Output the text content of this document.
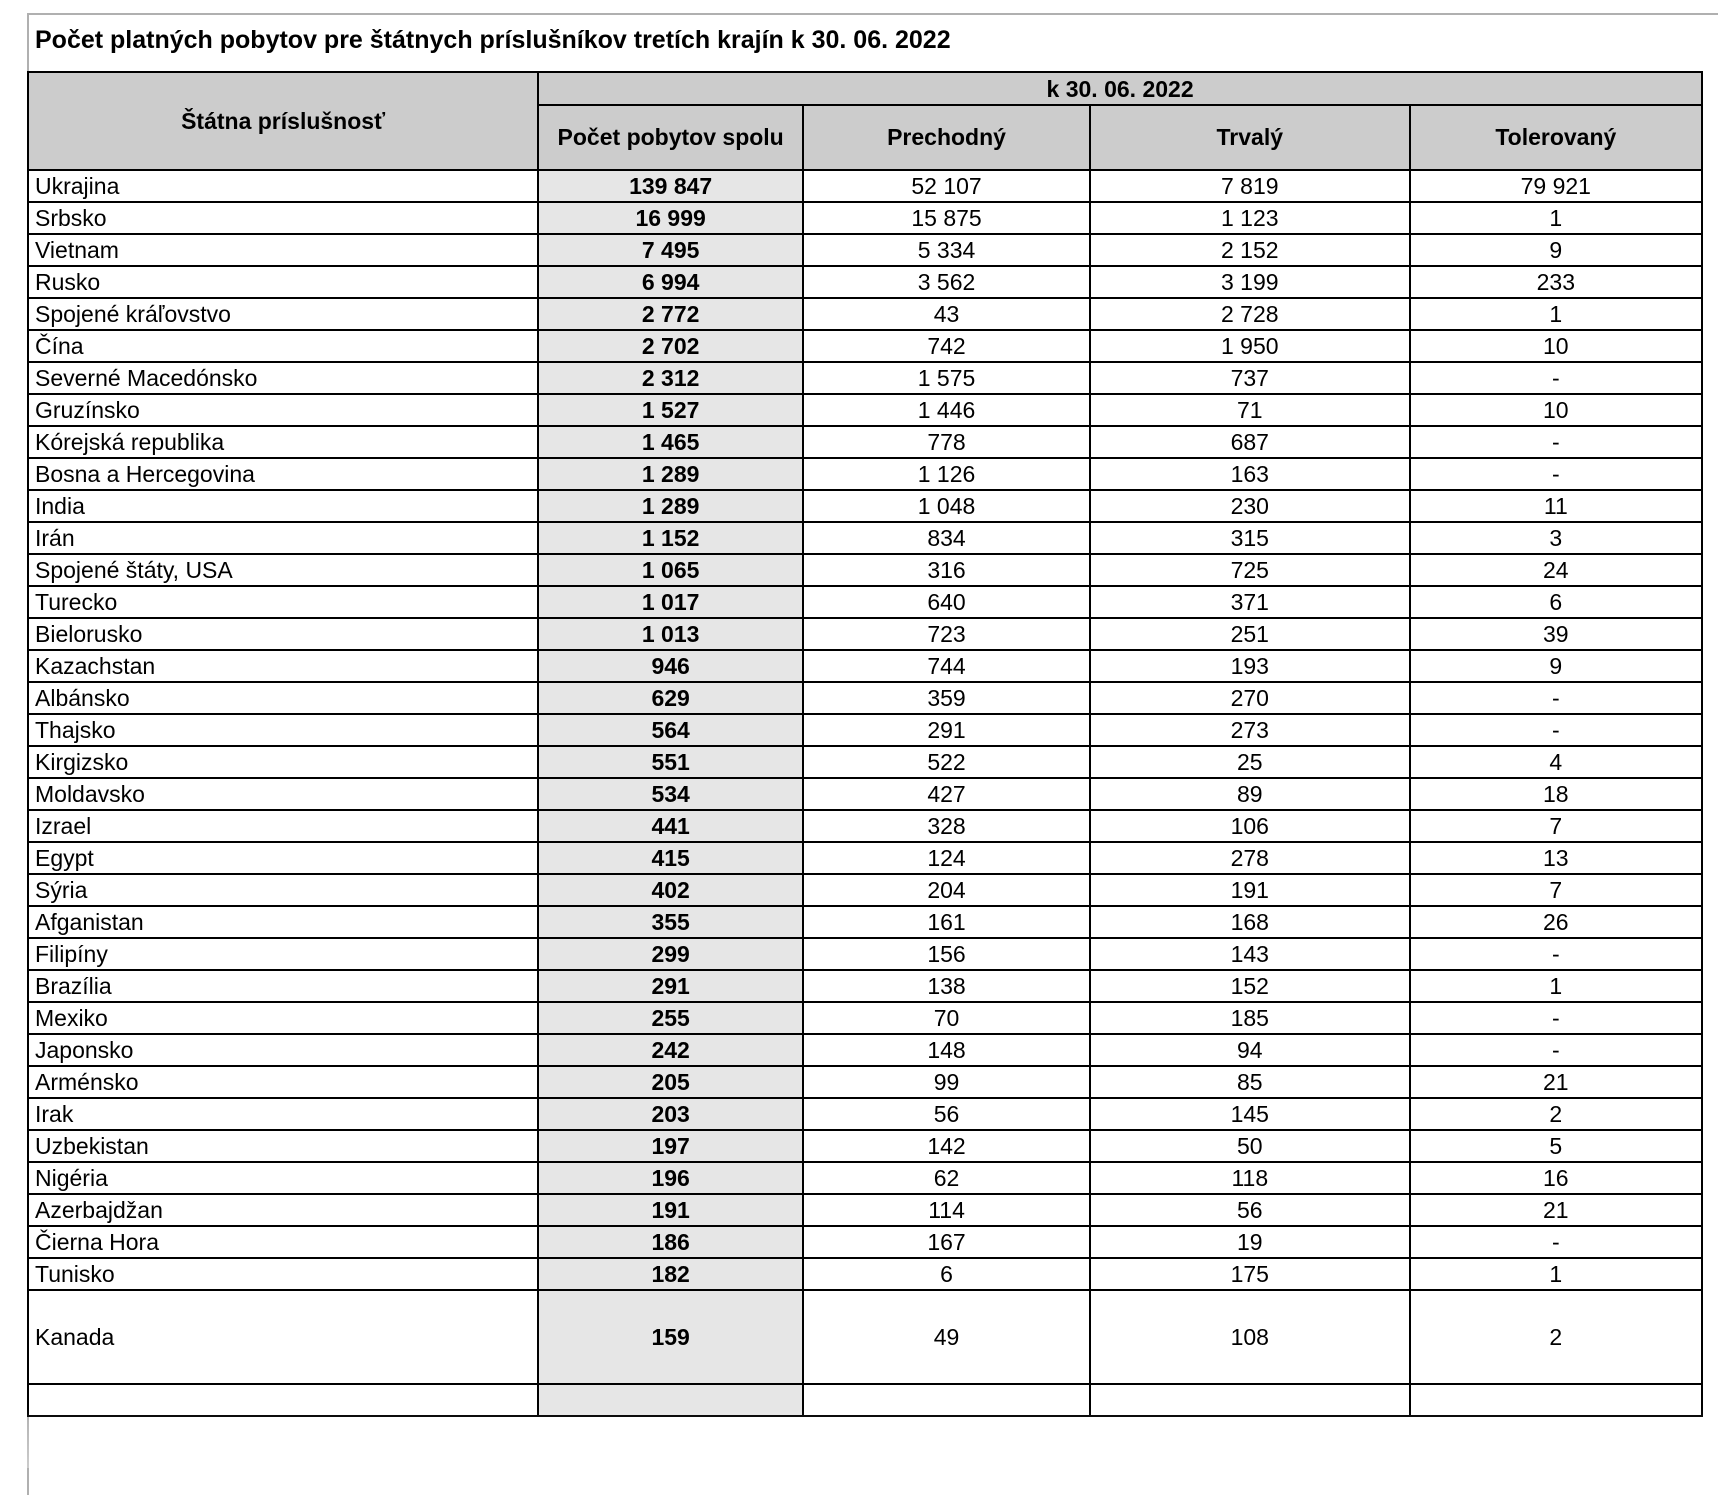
Počet platných pobytov pre štátnych príslušníkov tretích krajín k 30. 06. 2022
Štátna príslušnosť	k 30. 06. 2022			
	Počet pobytov spolu	Prechodný	Trvalý	Tolerovaný
Ukrajina	139 847	52 107	7 819	79 921
Srbsko	16 999	15 875	1 123	1
Vietnam	7 495	5 334	2 152	9
Rusko	6 994	3 562	3 199	233
Spojené kráľovstvo	2 772	43	2 728	1
Čína	2 702	742	1 950	10
Severné Macedónsko	2 312	1 575	737	-
Gruzínsko	1 527	1 446	71	10
Kórejská republika	1 465	778	687	-
Bosna a Hercegovina	1 289	1 126	163	-
India	1 289	1 048	230	11
Irán	1 152	834	315	3
Spojené štáty, USA	1 065	316	725	24
Turecko	1 017	640	371	6
Bielorusko	1 013	723	251	39
Kazachstan	946	744	193	9
Albánsko	629	359	270	-
Thajsko	564	291	273	-
Kirgizsko	551	522	25	4
Moldavsko	534	427	89	18
Izrael	441	328	106	7
Egypt	415	124	278	13
Sýria	402	204	191	7
Afganistan	355	161	168	26
Filipíny	299	156	143	-
Brazília	291	138	152	1
Mexiko	255	70	185	-
Japonsko	242	148	94	-
Arménsko	205	99	85	21
Irak	203	56	145	2
Uzbekistan	197	142	50	5
Nigéria	196	62	118	16
Azerbajdžan	191	114	56	21
Čierna Hora	186	167	19	-
Tunisko	182	6	175	1
Kanada	159	49	108	2
